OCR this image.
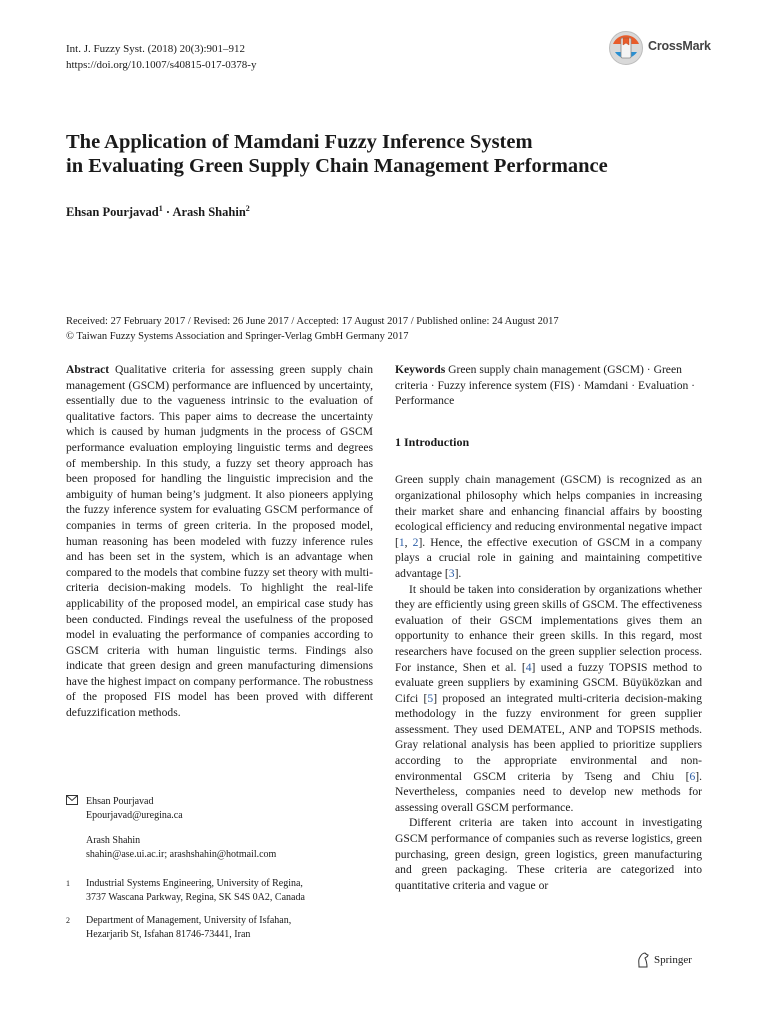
Int. J. Fuzzy Syst. (2018) 20(3):901–912
https://doi.org/10.1007/s40815-017-0378-y
CrossMark
The Application of Mamdani Fuzzy Inference System
in Evaluating Green Supply Chain Management Performance
Ehsan Pourjavad$^1$ · Arash Shahin$^2$
Received: 27 February 2017 / Revised: 26 June 2017 / Accepted: 17 August 2017 / Published online: 24 August 2017
© Taiwan Fuzzy Systems Association and Springer-Verlag GmbH Germany 2017

Abstract Qualitative criteria for assessing green supply chain management (GSCM) performance are influenced by uncertainty, essentially due to the vagueness intrinsic to the evaluation of qualitative factors. This paper aims to decrease the uncertainty which is caused by human judgments in the process of GSCM performance evaluation employing linguistic terms and degrees of membership. In this study, a fuzzy set theory approach has been proposed for handling the linguistic imprecision and the ambiguity of human being’s judgment. It also pioneers applying the fuzzy inference system for evaluating GSCM performance of companies in terms of green criteria. In the proposed model, human reasoning has been modeled with fuzzy inference rules and has been set in the system, which is an advantage when compared to the models that combine fuzzy set theory with multi-criteria decision-making models. To highlight the real-life applicability of the proposed model, an empirical case study has been conducted. Findings reveal the usefulness of the proposed model in evaluating the performance of companies according to GSCM criteria with human linguistic terms. Findings also indicate that green design and green manufacturing dimensions have the highest impact on company performance. The robustness of the proposed FIS model has been proved with different defuzzification methods.

Ehsan Pourjavad
Epourjavad@uregina.ca
Arash Shahin
shahin@ase.ui.ac.ir; arashshahin@hotmail.com
1	Industrial Systems Engineering, University of Regina,
3737 Wascana Parkway, Regina, SK S4S 0A2, Canada
2	Department of Management, University of Isfahan,
Hezarjarib St, Isfahan 81746-73441, Iran

Keywords Green supply chain management (GSCM) · Green criteria · Fuzzy inference system (FIS) · Mamdani · Evaluation · Performance

1 Introduction

Green supply chain management (GSCM) is recognized as an organizational philosophy which helps companies in increasing their market share and enhancing financial affairs by boosting ecological efficiency and reducing environmental negative impact [1, 2]. Hence, the effective execution of GSCM in a company plays a crucial role in gaining and maintaining competitive advantage [3].

It should be taken into consideration by organizations whether they are efficiently using green skills of GSCM. The effectiveness evaluation of their GSCM implementations gives them an opportunity to enhance their green skills. In this regard, most researchers have focused on the green supplier selection process. For instance, Shen et al. [4] used a fuzzy TOPSIS method to evaluate green suppliers by examining GSCM. Büyüközkan and Cifci [5] proposed an integrated multi-criteria decision-making methodology in the fuzzy environment for green supplier assessment. They used DEMATEL, ANP and TOPSIS methods. Gray relational analysis has been applied to prioritize suppliers according to the appropriate environmental and non-environmental GSCM criteria by Tseng and Chiu [6]. Nevertheless, companies need to develop new methods for assessing overall GSCM performance.

Different criteria are taken into account in investigating GSCM performance of companies such as reverse logistics, green purchasing, green design, green logistics, green manufacturing and green packaging. These criteria are categorized into quantitative criteria and vague or

Springer
